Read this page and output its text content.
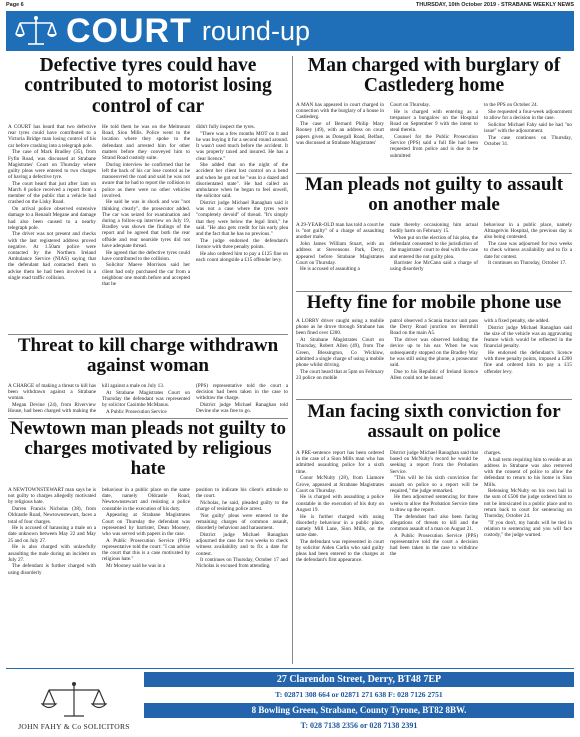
Page 6	THURSDAY, 10th October 2019 - STRABANE WEEKLY NEWS
COURT round-up
Defective tyres could have contributed to motorist losing control of car

A COURT has heard that two defective rear tyres could have contributed to a Victoria Bridge man losing control of his car before crashing into a telegraph pole.

The case of Mark Bradley (35), from Fyfin Road, was discussed at Strabane Magistrates' Court on Thursday where guilty pleas were entered to two charges of having a defective tyre.

The court heard that just after 1am on March 8 police received a report from a member of the public that a vehicle had crashed on the Lisky Road.

On arrival police observed extensive damage to a Renault Megane and damage had also been caused to a nearby telegraph pole.

The driver was not present and checks with the last registered address proved negative. At 1.50am police were contacted by the Northern Ireland Ambulance Service (NIAS) saying that the defendant had contacted them to advise them he had been involved in a single road traffic collision.

He told them he was on the Melmount Road, Sion Mills. Police went to the location where they spoke to the defendant and arrested him for other matters before they conveyed him to Strand Road custody suite.

During interview he confirmed that he left the back of his car lose control as he manoeuvred the road and said he was not aware that he had to report the collision to police as there were no other vehicles involved.

He said he was in shock and was "not thinking clearly", the prosecutor added. The car was seized for examination and during a follow-up interview on July 19, Bradley was shown the findings of the report and he agreed that both the rear offside and rear nearside tyres did not have adequate thread.

He agreed that the defective tyres could have contributed to the collision.

Solicitor Maeve Morrison said her client had only purchased the car from a neighbour one month before and accepted that he

didn't fully inspect the tyres.

"There was a few months MOT on it and he was buying it for a second round around. It wasn't used much before the accident. It was properly taxed and insured. He has a clear licence."

She added that on the night of the accident her client lost control on a bend and when he got out he "was in a dazed and disorientated state". He had called an ambulance when he began to feel unwell, the solicitor said.

District judge Michael Ranaghan said it was not a case where the tyres were "completely devoid" of thread. "It's simply that they were below the legal limit," he said. "He also gets credit for his early plea and the fact that he has no previous."

The judge endorsed the defendant's licence with three penalty points.

He also ordered him to pay a £125 fine on each count alongside a £15 offender levy.

Threat to kill charge withdrawn against woman

A CHARGE of making a threat to kill has been withdrawn against a Strabane woman.

Megan Devine (24), from Riverview House, had been charged with making the

kill against a male on July 13.

At Strabane Magistrates Court on Thursday the defendant was represented by solicitor Caoimhe McManus.

A Public Prosecution Service

(PPS) representative told the court a decision had been taken in the case to withdraw the charge.

District judge Michael Ranaghan told Devine she was free to go.

Newtown man pleads not guilty to charges motivated by religious hate

A NEWTOWNSTEWART man says he is not guilty to charges allegedly motivated by religious hate.

Darren Francis Nicholas (38), from Oldcastle Road, Newtownstewart, faces a total of four charges.

He is accused of harassing a male on a date unknown between May 22 and May 25 and on July 27.

He is also charged with unlawfully assaulting the male during an incident on July 27.

The defendant is further charged with using disorderly

behaviour in a public place on the same date, namely Oldcastle Road, Newtownstewart and resisting a police constable in the execution of his duty.

Appearing at Strabane Magistrates Court on Thursday the defendant was represented by barrister, Dean Mooney, who was served with papers in the case.

A Public Prosecution Service (PPS) representative told the court: "I can advise the court that this is a case motivated by religious hate."

Mr Mooney said he was in a

position to indicate his client's attitude to the court.

Nicholas, he said, pleaded guilty to the charge of resisting police arrest.

'Not guilty' pleas were entered to the remaining charges of common assault, disorderly behaviour and harassment.

District judge Michael Ranaghan adjourned the case for two weeks to check witness availability and to fix a date for contest.

It continues on Thursday, October 17 and Nicholas is excused from attending.

Man charged with burglary of Castlederg home

A MAN has appeared in court charged in connection with the burglary of a house in Castlederg.

The case of Bernard Philip Mary Rooney (49), with an address on court papers given as Donegall Road, Belfast, was discussed at Strabane Magistrates'

Court on Thursday.

He is charged with entering as a trespasser a bungalow on the Hospital Road on September 9 with the intent to steal therein.

Counsel for the Public Prosecution Service (PPS) said a full file had been requested from police and is due to be submitted

to the PPS on October 24.

She requested a four-week adjournment to allow for a decision in the case.

Solicitor Michael Fahy said he had "no issue" with the adjournment.

The case continues on Thursday, October 31.

Man pleads not guilty to assault on another male

A 29-YEAR-OLD man has told a court he is "not guilty" of a charge of assaulting another male.

John James William Stuart, with an address at Stevensons Park, Derry, appeared before Strabane Magistrates Court on Thursday.

He is accused of assaulting a

male thereby occasioning him actual bodily harm on February 15.

When put on the election of his plea, the defendant consented to the jurisdiction of the magistrates' court to deal with the case and entered the not guilty plea.

Barrister Joe McCann said a charge of using disorderly

behaviour in a public place, namely Altnagelvin Hospital, the previous day is also being contested.

The case was adjourned for two weeks to check witness availability and to fix a date for contest.

It continues on Thursday, October 17.

Hefty fine for mobile phone use

A LORRY driver caught using a mobile phone as he drove through Strabane has been fined over £200.

At Strabane Magistrates Court on Thursday, Robert Allen (49), from The Green, Blessington, Co Wicklow, admitted a single charge of using a mobile phone whilst driving.

The court heard that at 5pm on February 23 police on mobile

patrol observed a Scania tractor unit pass the Derry Road junction on Bermhill Road on the main A5.

The driver was observed holding the device up to his ear. When he was subsequently stopped on the Bradley Way he was still using the phone, a prosecutor said.

Due to his Republic of Ireland licence Allen could not be issued

with a fixed penalty, she added.

District judge Michael Ranaghan said the size of the vehicle was an aggravating feature which would be reflected in the financial penalty.

He endorsed the defendant's licence with three penalty points, imposed a £200 fine and ordered him to pay a £15 offender levy.

Man facing sixth conviction for assault on police

A PRE-sentence report has been ordered in the case of a Sion Mills man who has admitted assaulting police for a sixth time.

Conor McNulty (28), from Liamore Grove, appeared at Strabane Magistrates Court on Thursday.

He is charged with assaulting a police constable in the execution of his duty on August 19.

He is further charged with using disorderly behaviour in a public place, namely Mill Lane, Sion Mills, on the same date.

The defendant was represented in court by solicitor Aiden Carlin who said guilty pleas had been entered to the charges at the defendant's first appearance.

District judge Michael Ranaghan said that based on McNulty's record he would be seeking a report from the Probation Service.

"This will be his sixth conviction for assault on police so a report will be required," the judge remarked.

He then adjourned sentencing for three weeks to allow the Probation Service time to draw up the report.

The defendant had also been facing allegations of threats to kill and the common assault of a man on August 21.

A Public Prosecution Service (PPS) representative told the court a decision had been taken in the case to withdraw the

charges.

A bail term requiring him to reside at an address in Strabane was also removed with the consent of police to allow the defendant to return to his home in Sion Mills.

Releasing McNulty on his own bail in the sum of £500 the judge ordered him to not be intoxicated in a public place and to return back to court for sentencing on Thursday, October 24.

"If you don't, my hands will be tied in relation to sentencing and you will face custody," the judge warned.

JOHN FAHY & Co SOLICITORS
27 Clarendon Street, Derry, BT48 7EP
T: 02871 308 664 or 02871 271 638 F: 028 7126 2751
8 Bowling Green, Strabane, County Tyrone, BT82 8BW.
T: 028 7138 2356 or 028 7138 2391
